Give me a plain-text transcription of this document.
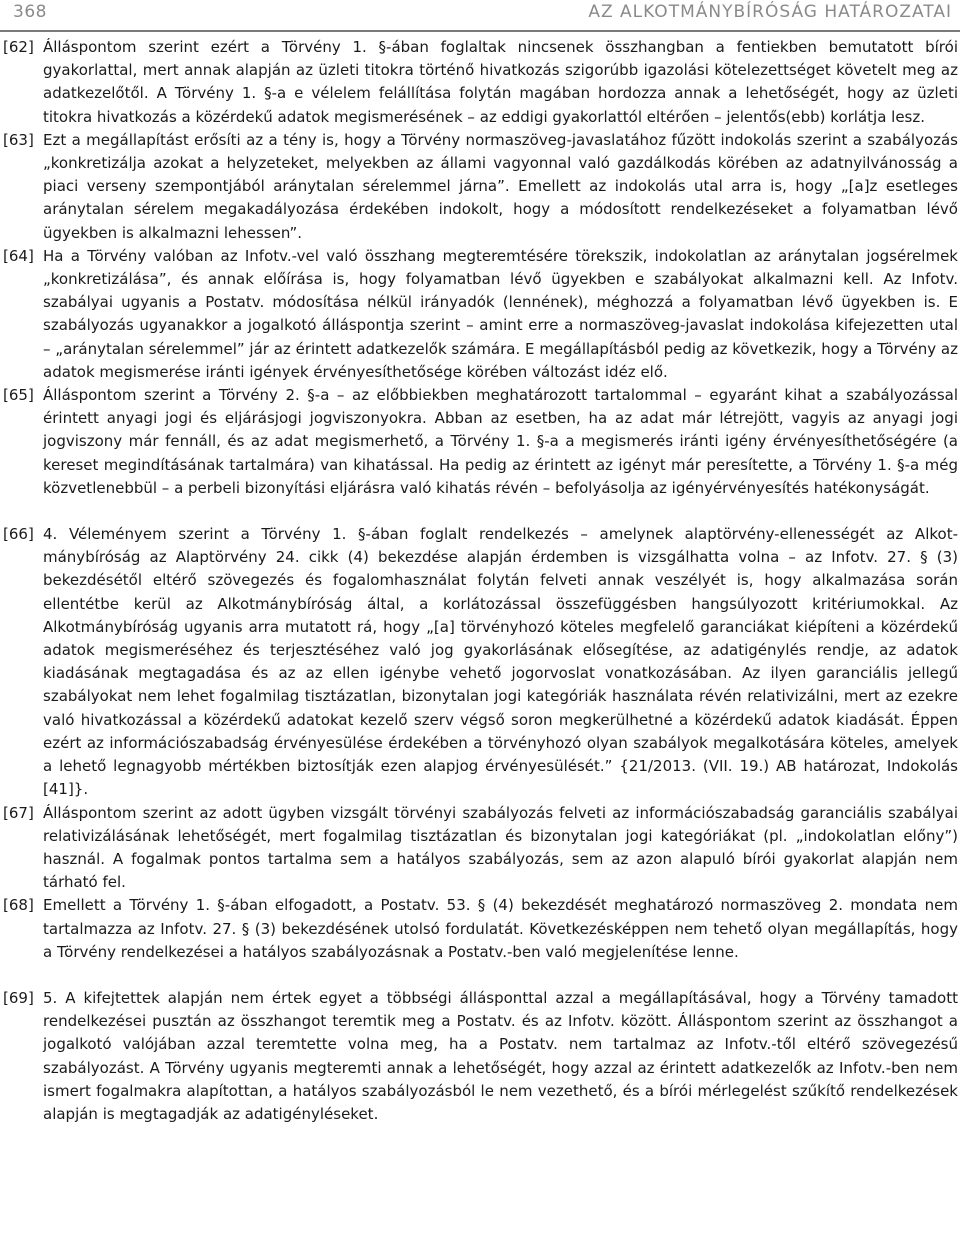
368	AZ ALKOTMÁNYBÍRÓSÁG HATÁROZATAI
[62] Álláspontom szerint ezért a Törvény 1. §-ában foglaltak nincsenek összhangban a fentiekben bemutatott bírói gyakorlattal, mert annak alapján az üzleti titokra történő hivatkozás szigorúbb igazolási kötelezettséget követelt meg az adatkezelőtől. A Törvény 1. §-a e vélelem felállítása folytán magában hordozza annak a lehetőségét, hogy az üzleti titokra hivatkozás a közérdekű adatok megismerésének – az eddigi gyakorlattól eltérően – jelentős(ebb) korlátja lesz.
[63] Ezt a megállapítást erősíti az a tény is, hogy a Törvény normaszöveg-javaslatához fűzött indokolás szerint a szabályozás „konkretizálja azokat a helyzeteket, melyekben az állami vagyonnal való gazdálkodás körében az adatnyilvánosság a piaci verseny szempontjából aránytalan sérelemmel járna”. Emellett az indokolás utal arra is, hogy „[a]z esetleges aránytalan sérelem megakadályozása érdekében indokolt, hogy a módosított rendelkezéseket a folyamatban lévő ügyekben is alkalmazni lehessen”.
[64] Ha a Törvény valóban az Infotv.-vel való összhang megteremtésére törekszik, indokolatlan az aránytalan jogsérelmek „konkretizálása”, és annak előírása is, hogy folyamatban lévő ügyekben e szabályokat alkalmazni kell. Az Infotv. szabályai ugyanis a Postatv. módosítása nélkül irányadók (lennének), méghozzá a folyamatban lévő ügyekben is. E szabályozás ugyanakkor a jogalkotó álláspontja szerint – amint erre a normaszöveg-javaslat indokolása kifejezetten utal – „aránytalan sérelemmel” jár az érintett adatkezelők számára. E megállapításból pedig az következik, hogy a Törvény az adatok megismerése iránti igények érvényesíthetősége körében változást idéz elő.
[65] Álláspontom szerint a Törvény 2. §-a – az előbbiekben meghatározott tartalommal – egyaránt kihat a szabályozással érintett anyagi jogi és eljárásjogi jogviszonyokra. Abban az esetben, ha az adat már létrejött, vagyis az anyagi jogi jogviszony már fennáll, és az adat megismerhető, a Törvény 1. §-a a megismerés iránti igény érvényesíthetőségére (a kereset megindításának tartalmára) van kihatással. Ha pedig az érintett az igényt már peresítette, a Törvény 1. §-a még közvetlenebbül – a perbeli bizonyítási eljárásra való kihatás révén – befolyásolja az igényérvényesítés hatékonyságát.
[66] 4. Véleményem szerint a Törvény 1. §-ában foglalt rendelkezés – amelynek alaptörvény-ellenességét az Alkotmánybíróság az Alaptörvény 24. cikk (4) bekezdése alapján érdemben is vizsgálhatta volna – az Infotv. 27. § (3) bekezdésétől eltérő szövegezés és fogalomhasználat folytán felveti annak veszélyét is, hogy alkalmazása során ellentétbe kerül az Alkotmánybíróság által, a korlátozással összefüggésben hangsúlyozott kritériumokkal. Az Alkotmánybíróság ugyanis arra mutatott rá, hogy „[a] törvényhozó köteles megfelelő garanciákat kiépíteni a közérdekű adatok megismeréséhez és terjesztéséhez való jog gyakorlásának elősegítése, az adatigénylés rendje, az adatok kiadásának megtagadása és az az ellen igénybe vehető jogorvoslat vonatkozásában. Az ilyen garanciális jellegű szabályokat nem lehet fogalmilag tisztázatlan, bizonytalan jogi kategóriák használata révén relativizálni, mert az ezekre való hivatkozással a közérdekű adatokat kezelő szerv végső soron megkerülhetné a közérdekű adatok kiadását. Éppen ezért az információszabadság érvényesülése érdekében a törvényhozó olyan szabályok megalkotására köteles, amelyek a lehető legnagyobb mértékben biztosítják ezen alapjog érvényesülését.” {21/2013. (VII. 19.) AB határozat, Indokolás [41]}.
[67] Álláspontom szerint az adott ügyben vizsgált törvényi szabályozás felveti az információszabadság garanciális szabályai relativizálásának lehetőségét, mert fogalmilag tisztázatlan és bizonytalan jogi kategóriákat (pl. „indokolatlan előny”) használ. A fogalmak pontos tartalma sem a hatályos szabályozás, sem az azon alapuló bírói gyakorlat alapján nem tárható fel.
[68] Emellett a Törvény 1. §-ában elfogadott, a Postatv. 53. § (4) bekezdését meghatározó normaszöveg 2. mondata nem tartalmazza az Infotv. 27. § (3) bekezdésének utolsó fordulatát. Következésképpen nem tehető olyan megállapítás, hogy a Törvény rendelkezései a hatályos szabályozásnak a Postatv.-ben való megjelenítése lenne.
[69] 5. A kifejtettek alapján nem értek egyet a többségi állásponttal azzal a megállapításával, hogy a Törvény tamadott rendelkezései pusztán az összhangot teremtik meg a Postatv. és az Infotv. között. Álláspontom szerint az összhangot a jogalkotó valójában azzal teremtette volna meg, ha a Postatv. nem tartalmaz az Infotv.-től eltérő szövegezésű szabályozást. A Törvény ugyanis megteremti annak a lehetőségét, hogy azzal az érintett adatkezelők az Infotv.-ben nem ismert fogalmakra alapítottan, a hatályos szabályozásból le nem vezethető, és a bírói mérlegelést szűkítő rendelkezések alapján is megtagadják az adatigényléseket.
